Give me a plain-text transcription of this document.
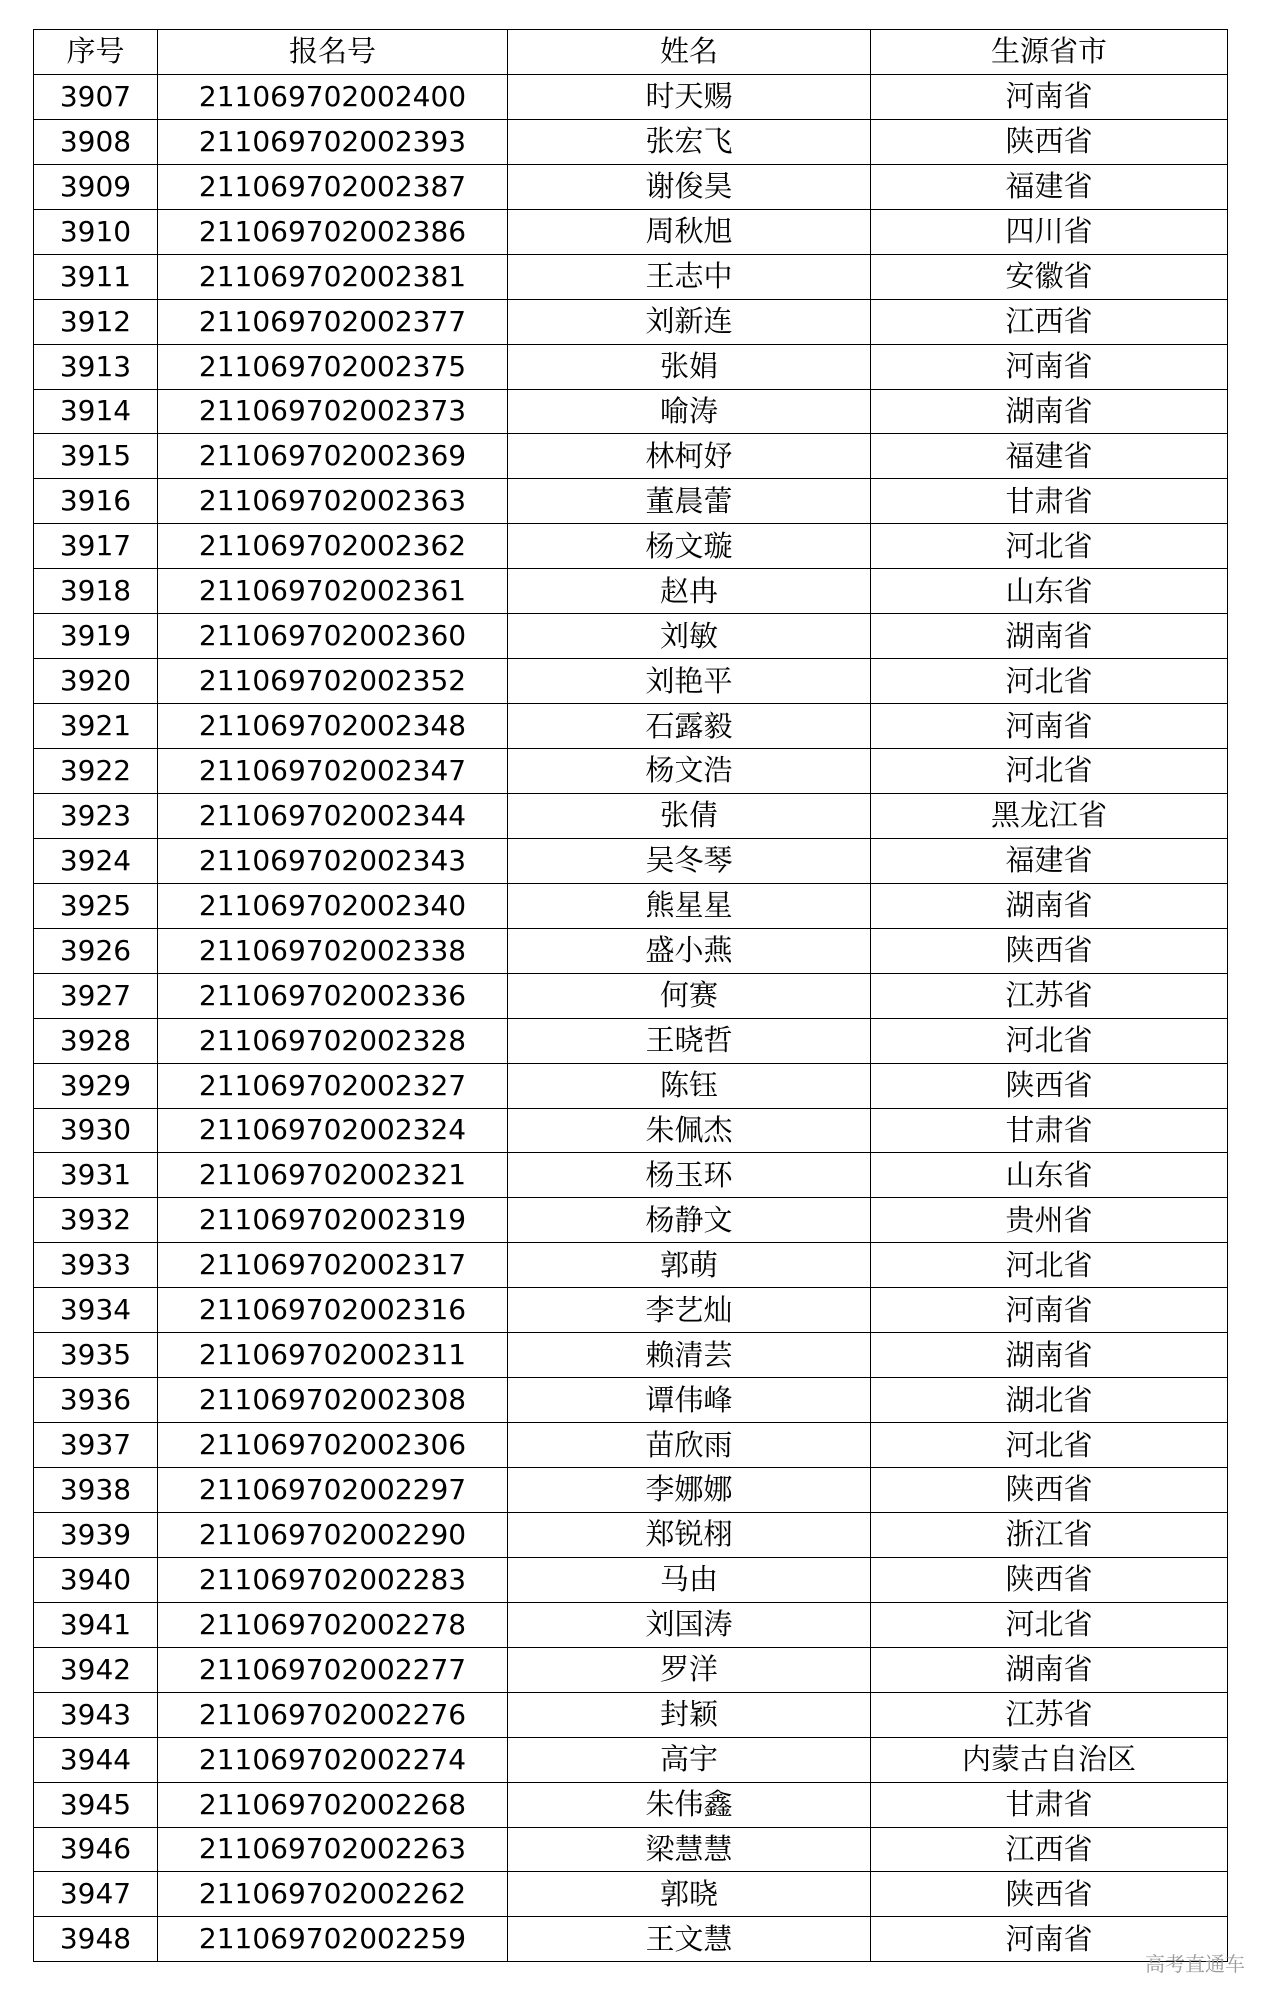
序号	报名号	姓名	生源省市
3907	211069702002400	时天赐	河南省
3908	211069702002393	张宏飞	陕西省
3909	211069702002387	谢俊昊	福建省
3910	211069702002386	周秋旭	四川省
3911	211069702002381	王志中	安徽省
3912	211069702002377	刘新连	江西省
3913	211069702002375	张娟	河南省
3914	211069702002373	喻涛	湖南省
3915	211069702002369	林柯妤	福建省
3916	211069702002363	董晨蕾	甘肃省
3917	211069702002362	杨文璇	河北省
3918	211069702002361	赵冉	山东省
3919	211069702002360	刘敏	湖南省
3920	211069702002352	刘艳平	河北省
3921	211069702002348	石露毅	河南省
3922	211069702002347	杨文浩	河北省
3923	211069702002344	张倩	黑龙江省
3924	211069702002343	吴冬琴	福建省
3925	211069702002340	熊星星	湖南省
3926	211069702002338	盛小燕	陕西省
3927	211069702002336	何赛	江苏省
3928	211069702002328	王晓哲	河北省
3929	211069702002327	陈钰	陕西省
3930	211069702002324	朱佩杰	甘肃省
3931	211069702002321	杨玉环	山东省
3932	211069702002319	杨静文	贵州省
3933	211069702002317	郭萌	河北省
3934	211069702002316	李艺灿	河南省
3935	211069702002311	赖清芸	湖南省
3936	211069702002308	谭伟峰	湖北省
3937	211069702002306	苗欣雨	河北省
3938	211069702002297	李娜娜	陕西省
3939	211069702002290	郑锐栩	浙江省
3940	211069702002283	马由	陕西省
3941	211069702002278	刘国涛	河北省
3942	211069702002277	罗洋	湖南省
3943	211069702002276	封颖	江苏省
3944	211069702002274	高宇	内蒙古自治区
3945	211069702002268	朱伟鑫	甘肃省
3946	211069702002263	梁慧慧	江西省
3947	211069702002262	郭晓	陕西省
3948	211069702002259	王文慧	河南省
高考直通车
